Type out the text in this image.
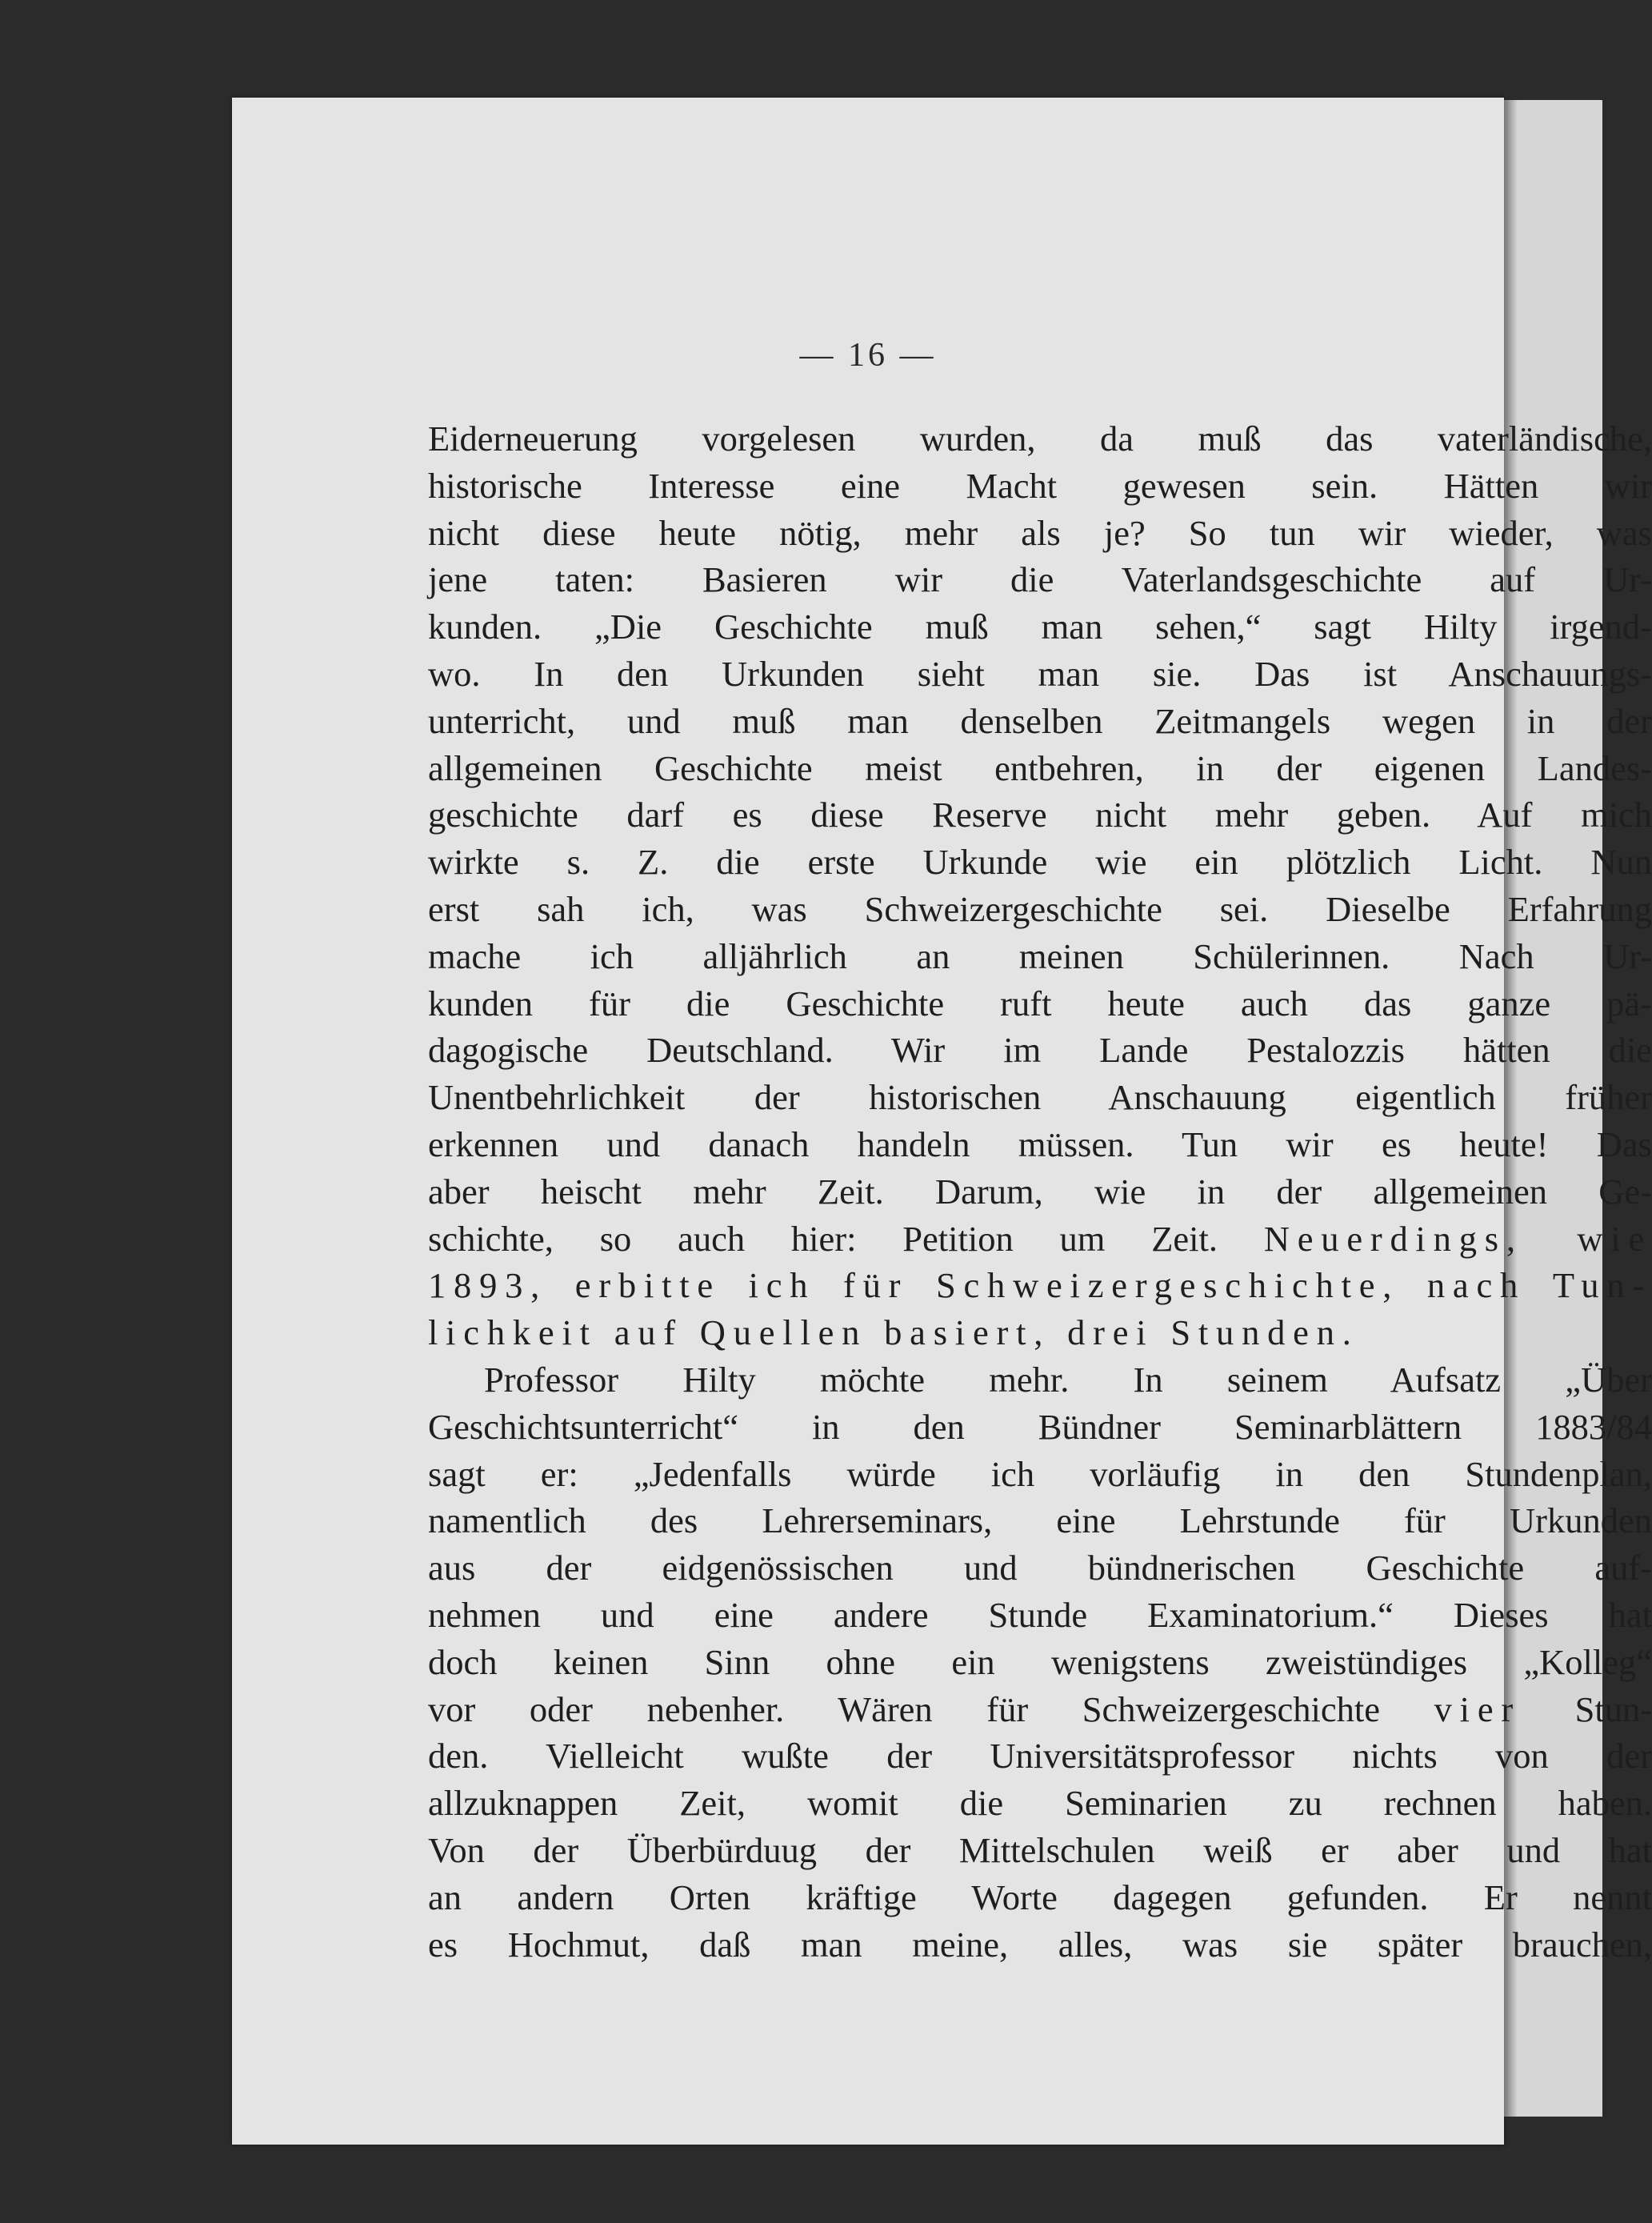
— 16 —
Eiderneuerung vorgelesen wurden, da muß das vaterländische,
historische Interesse eine Macht gewesen sein. Hätten wir
nicht diese heute nötig, mehr als je? So tun wir wieder, was
jene taten: Basieren wir die Vaterlandsgeschichte auf Ur-
kunden. „Die Geschichte muß man sehen,“ sagt Hilty irgend-
wo. In den Urkunden sieht man sie. Das ist Anschauungs-
unterricht, und muß man denselben Zeitmangels wegen in der
allgemeinen Geschichte meist entbehren, in der eigenen Landes-
geschichte darf es diese Reserve nicht mehr geben. Auf mich
wirkte s. Z. die erste Urkunde wie ein plötzlich Licht. Nun
erst sah ich, was Schweizergeschichte sei. Dieselbe Erfahrung
mache ich alljährlich an meinen Schülerinnen. Nach Ur-
kunden für die Geschichte ruft heute auch das ganze pä-
dagogische Deutschland. Wir im Lande Pestalozzis hätten die
Unentbehrlichkeit der historischen Anschauung eigentlich früher
erkennen und danach handeln müssen. Tun wir es heute! Das
aber heischt mehr Zeit. Darum, wie in der allgemeinen Ge-
schichte, so auch hier: Petition um Zeit. Neuerdings, wie
1893, erbitte ich für Schweizergeschichte, nach Tun-
lichkeit auf Quellen basiert, drei Stunden.
Professor Hilty möchte mehr. In seinem Aufsatz „Über
Geschichtsunterricht“ in den Bündner Seminarblättern 1883/84
sagt er: „Jedenfalls würde ich vorläufig in den Stundenplan,
namentlich des Lehrerseminars, eine Lehrstunde für Urkunden
aus der eidgenössischen und bündnerischen Geschichte auf-
nehmen und eine andere Stunde Examinatorium.“ Dieses hat
doch keinen Sinn ohne ein wenigstens zweistündiges „Kolleg“
vor oder nebenher. Wären für Schweizergeschichte vier Stun-
den. Vielleicht wußte der Universitätsprofessor nichts von der
allzuknappen Zeit, womit die Seminarien zu rechnen haben.
Von der Überbürduug der Mittelschulen weiß er aber und hat
an andern Orten kräftige Worte dagegen gefunden. Er nennt
es Hochmut, daß man meine, alles, was sie später brauchen,
